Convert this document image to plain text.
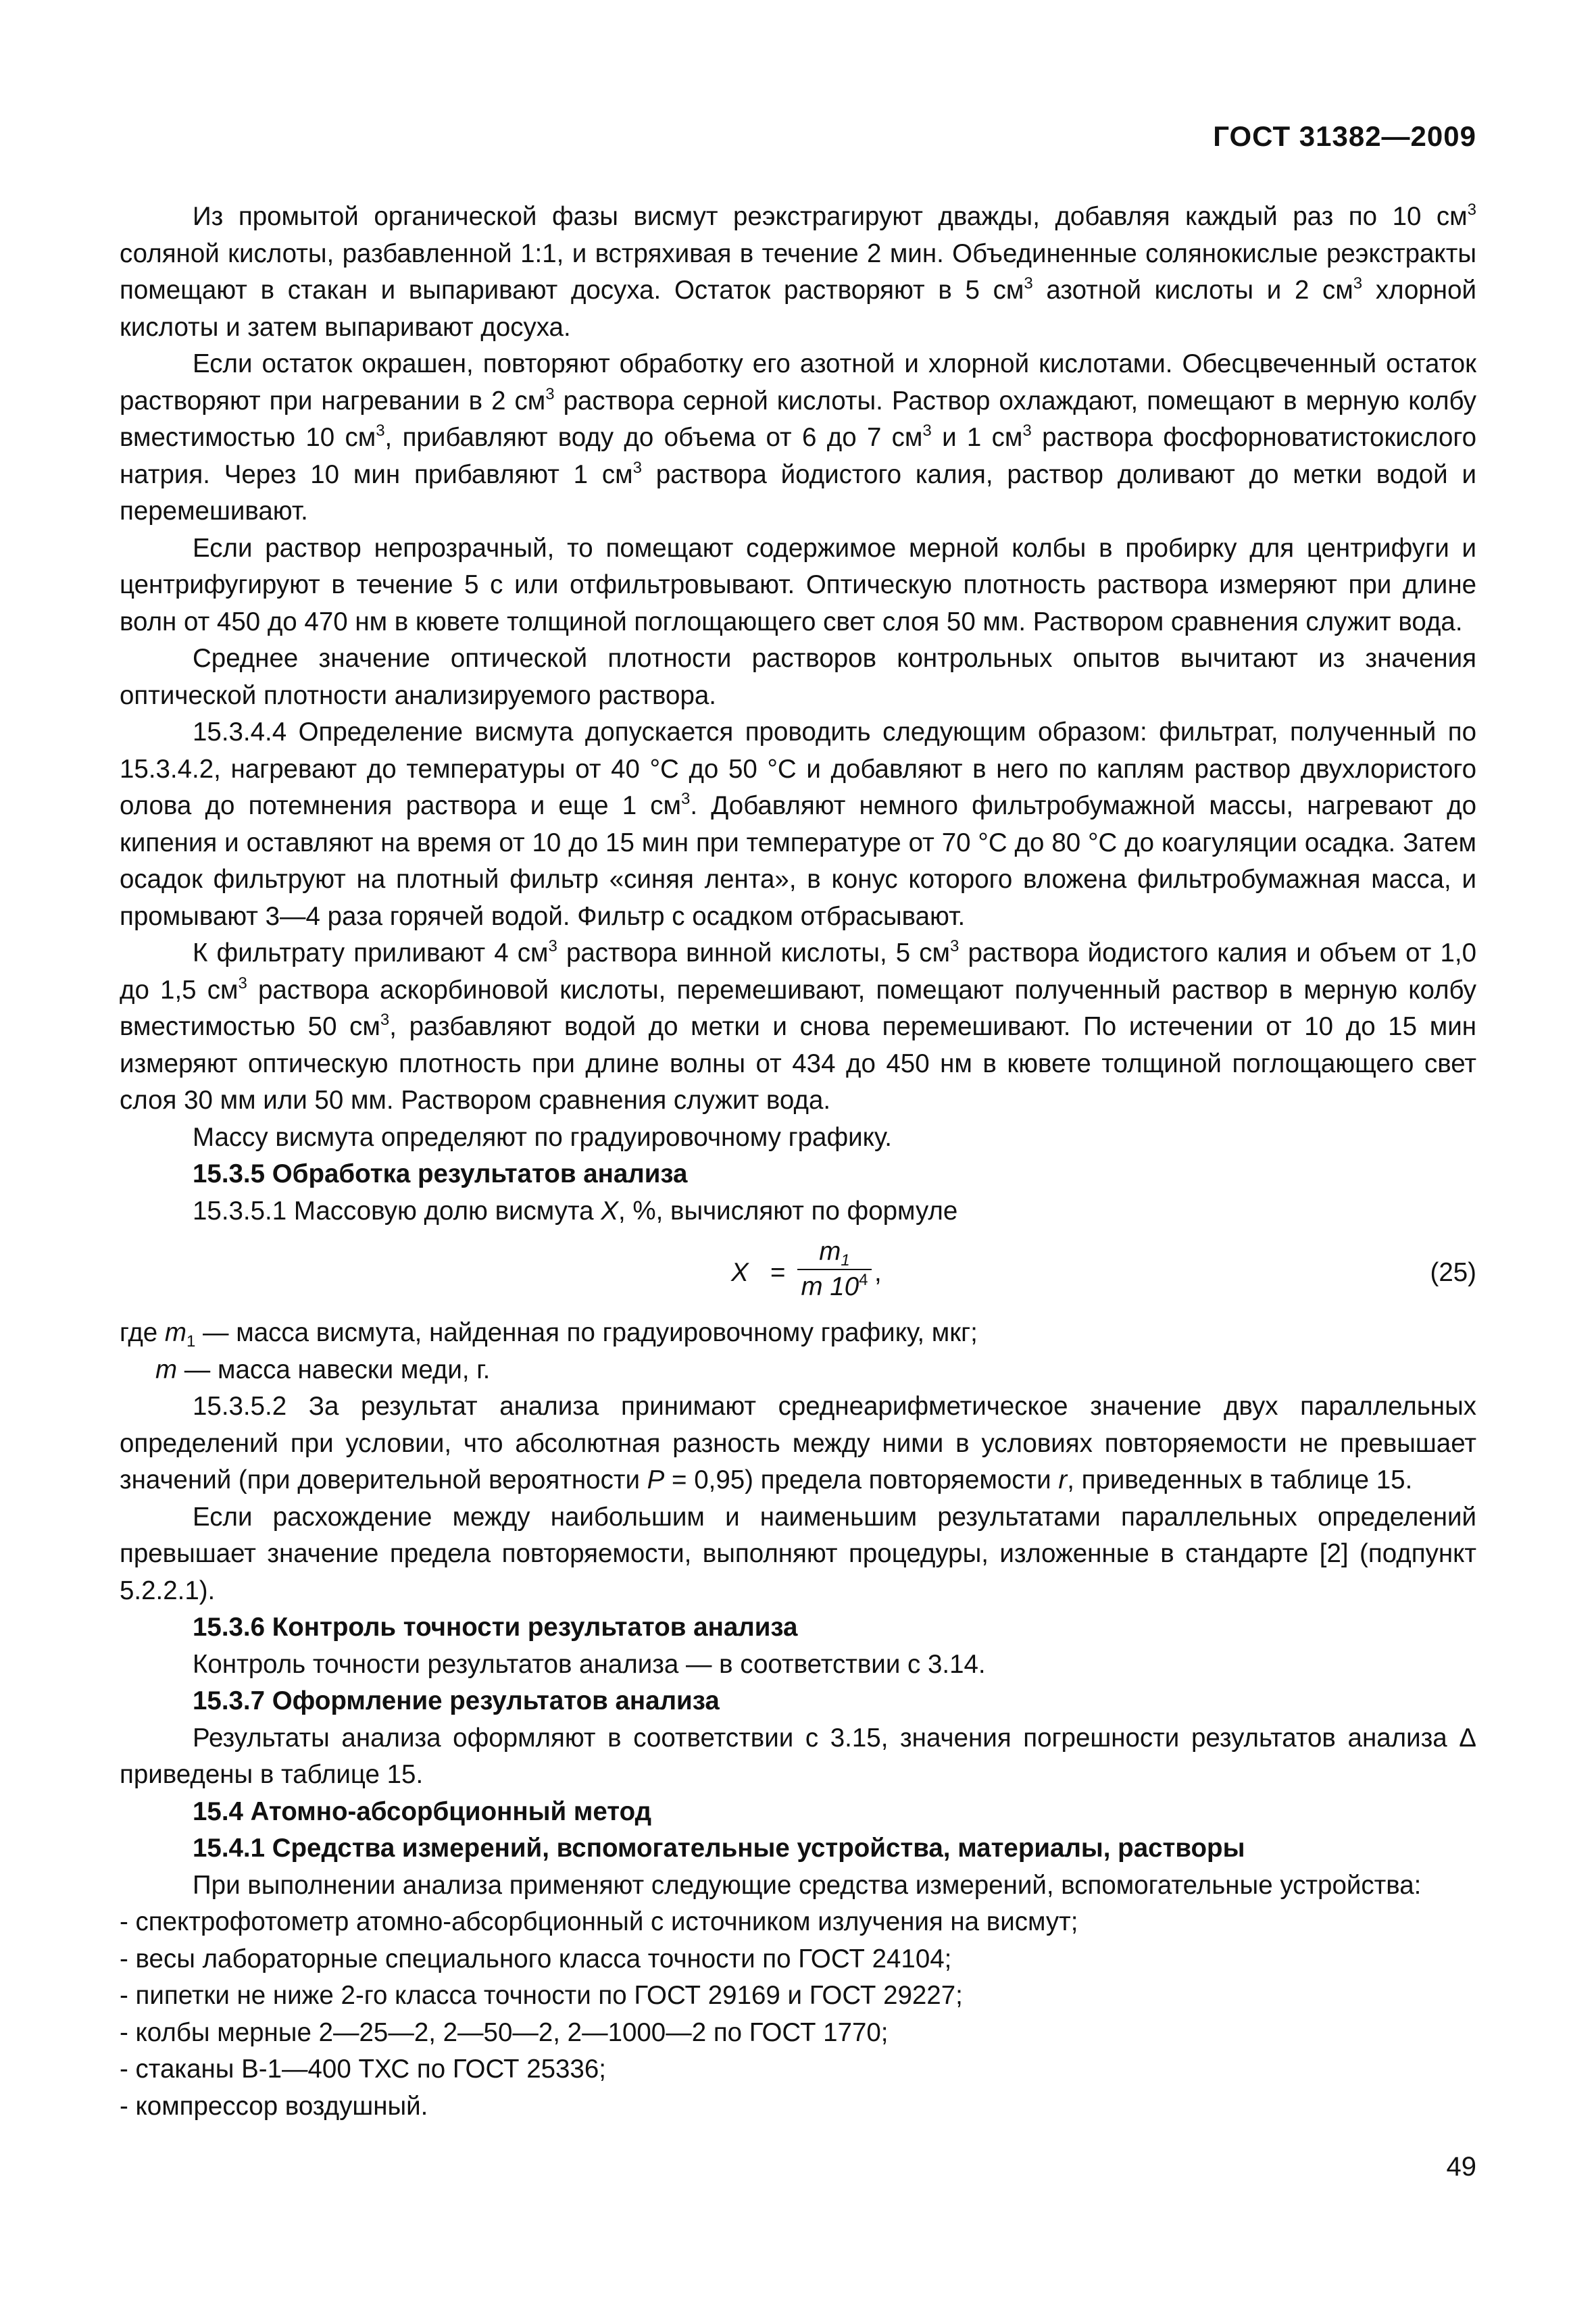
ГОСТ 31382—2009

Из промытой органической фазы висмут реэкстрагируют дважды, добавляя каждый раз по 10 $см^3$ соляной кислоты, разбавленной 1:1, и встряхивая в течение 2 мин. Объединенные солянокислые реэкстракты помещают в стакан и выпаривают досуха. Остаток растворяют в 5 $см^3$ азотной кислоты и 2 $см^3$ хлорной кислоты и затем выпаривают досуха.

Если остаток окрашен, повторяют обработку его азотной и хлорной кислотами. Обесцвеченный остаток растворяют при нагревании в 2 $см^3$ раствора серной кислоты. Раствор охлаждают, помещают в мерную колбу вместимостью 10 $см^3$, прибавляют воду до объема от 6 до 7 $см^3$ и 1 $см^3$ раствора фосфорноватистокислого натрия. Через 10 мин прибавляют 1 $см^3$ раствора йодистого калия, раствор доливают до метки водой и перемешивают.

Если раствор непрозрачный, то помещают содержимое мерной колбы в пробирку для центрифуги и центрифугируют в течение 5 с или отфильтровывают. Оптическую плотность раствора измеряют при длине волн от 450 до 470 нм в кювете толщиной поглощающего свет слоя 50 мм. Раствором сравнения служит вода.

Среднее значение оптической плотности растворов контрольных опытов вычитают из значения оптической плотности анализируемого раствора.

15.3.4.4 Определение висмута допускается проводить следующим образом: фильтрат, полученный по 15.3.4.2, нагревают до температуры от 40 °С до 50 °С и добавляют в него по каплям раствор двухлористого олова до потемнения раствора и еще 1 $см^3$. Добавляют немного фильтробумажной массы, нагревают до кипения и оставляют на время от 10 до 15 мин при температуре от 70 °С до 80 °С до коагуляции осадка. Затем осадок фильтруют на плотный фильтр «синяя лента», в конус которого вложена фильтробумажная масса, и промывают 3—4 раза горячей водой. Фильтр с осадком отбрасывают.

К фильтрату приливают 4 $см^3$ раствора винной кислоты, 5 $см^3$ раствора йодистого калия и объем от 1,0 до 1,5 $см^3$ раствора аскорбиновой кислоты, перемешивают, помещают полученный раствор в мерную колбу вместимостью 50 $см^3$, разбавляют водой до метки и снова перемешивают. По истечении от 10 до 15 мин измеряют оптическую плотность при длине волны от 434 до 450 нм в кювете толщиной поглощающего свет слоя 30 мм или 50 мм. Раствором сравнения служит вода.

Массу висмута определяют по градуировочному графику.

15.3.5 Обработка результатов анализа

15.3.5.1 Массовую долю висмута X, %, вычисляют по формуле

X =
$m_1$
m $10^4$ ,	(25)

где $m_1$ — масса висмута, найденная по градуировочному графику, мкг;

m — масса навески меди, г.

15.3.5.2 За результат анализа принимают среднеарифметическое значение двух параллельных определений при условии, что абсолютная разность между ними в условиях повторяемости не превышает значений (при доверительной вероятности P = 0,95) предела повторяемости r, приведенных в таблице 15.

Если расхождение между наибольшим и наименьшим результатами параллельных определений превышает значение предела повторяемости, выполняют процедуры, изложенные в стандарте [2] (подпункт 5.2.2.1).

15.3.6 Контроль точности результатов анализа

Контроль точности результатов анализа — в соответствии с 3.14.

15.3.7 Оформление результатов анализа

Результаты анализа оформляют в соответствии с 3.15, значения погрешности результатов анализа Δ приведены в таблице 15.

15.4 Атомно-абсорбционный метод

15.4.1 Средства измерений, вспомогательные устройства, материалы, растворы

При выполнении анализа применяют следующие средства измерений, вспомогательные устройства:

- спектрофотометр атомно-абсорбционный с источником излучения на висмут;

- весы лабораторные специального класса точности по ГОСТ 24104;

- пипетки не ниже 2-го класса точности по ГОСТ 29169 и ГОСТ 29227;

- колбы мерные 2—25—2, 2—50—2, 2—1000—2 по ГОСТ 1770;

- стаканы В-1—400 ТХС по ГОСТ 25336;

- компрессор воздушный.

49
